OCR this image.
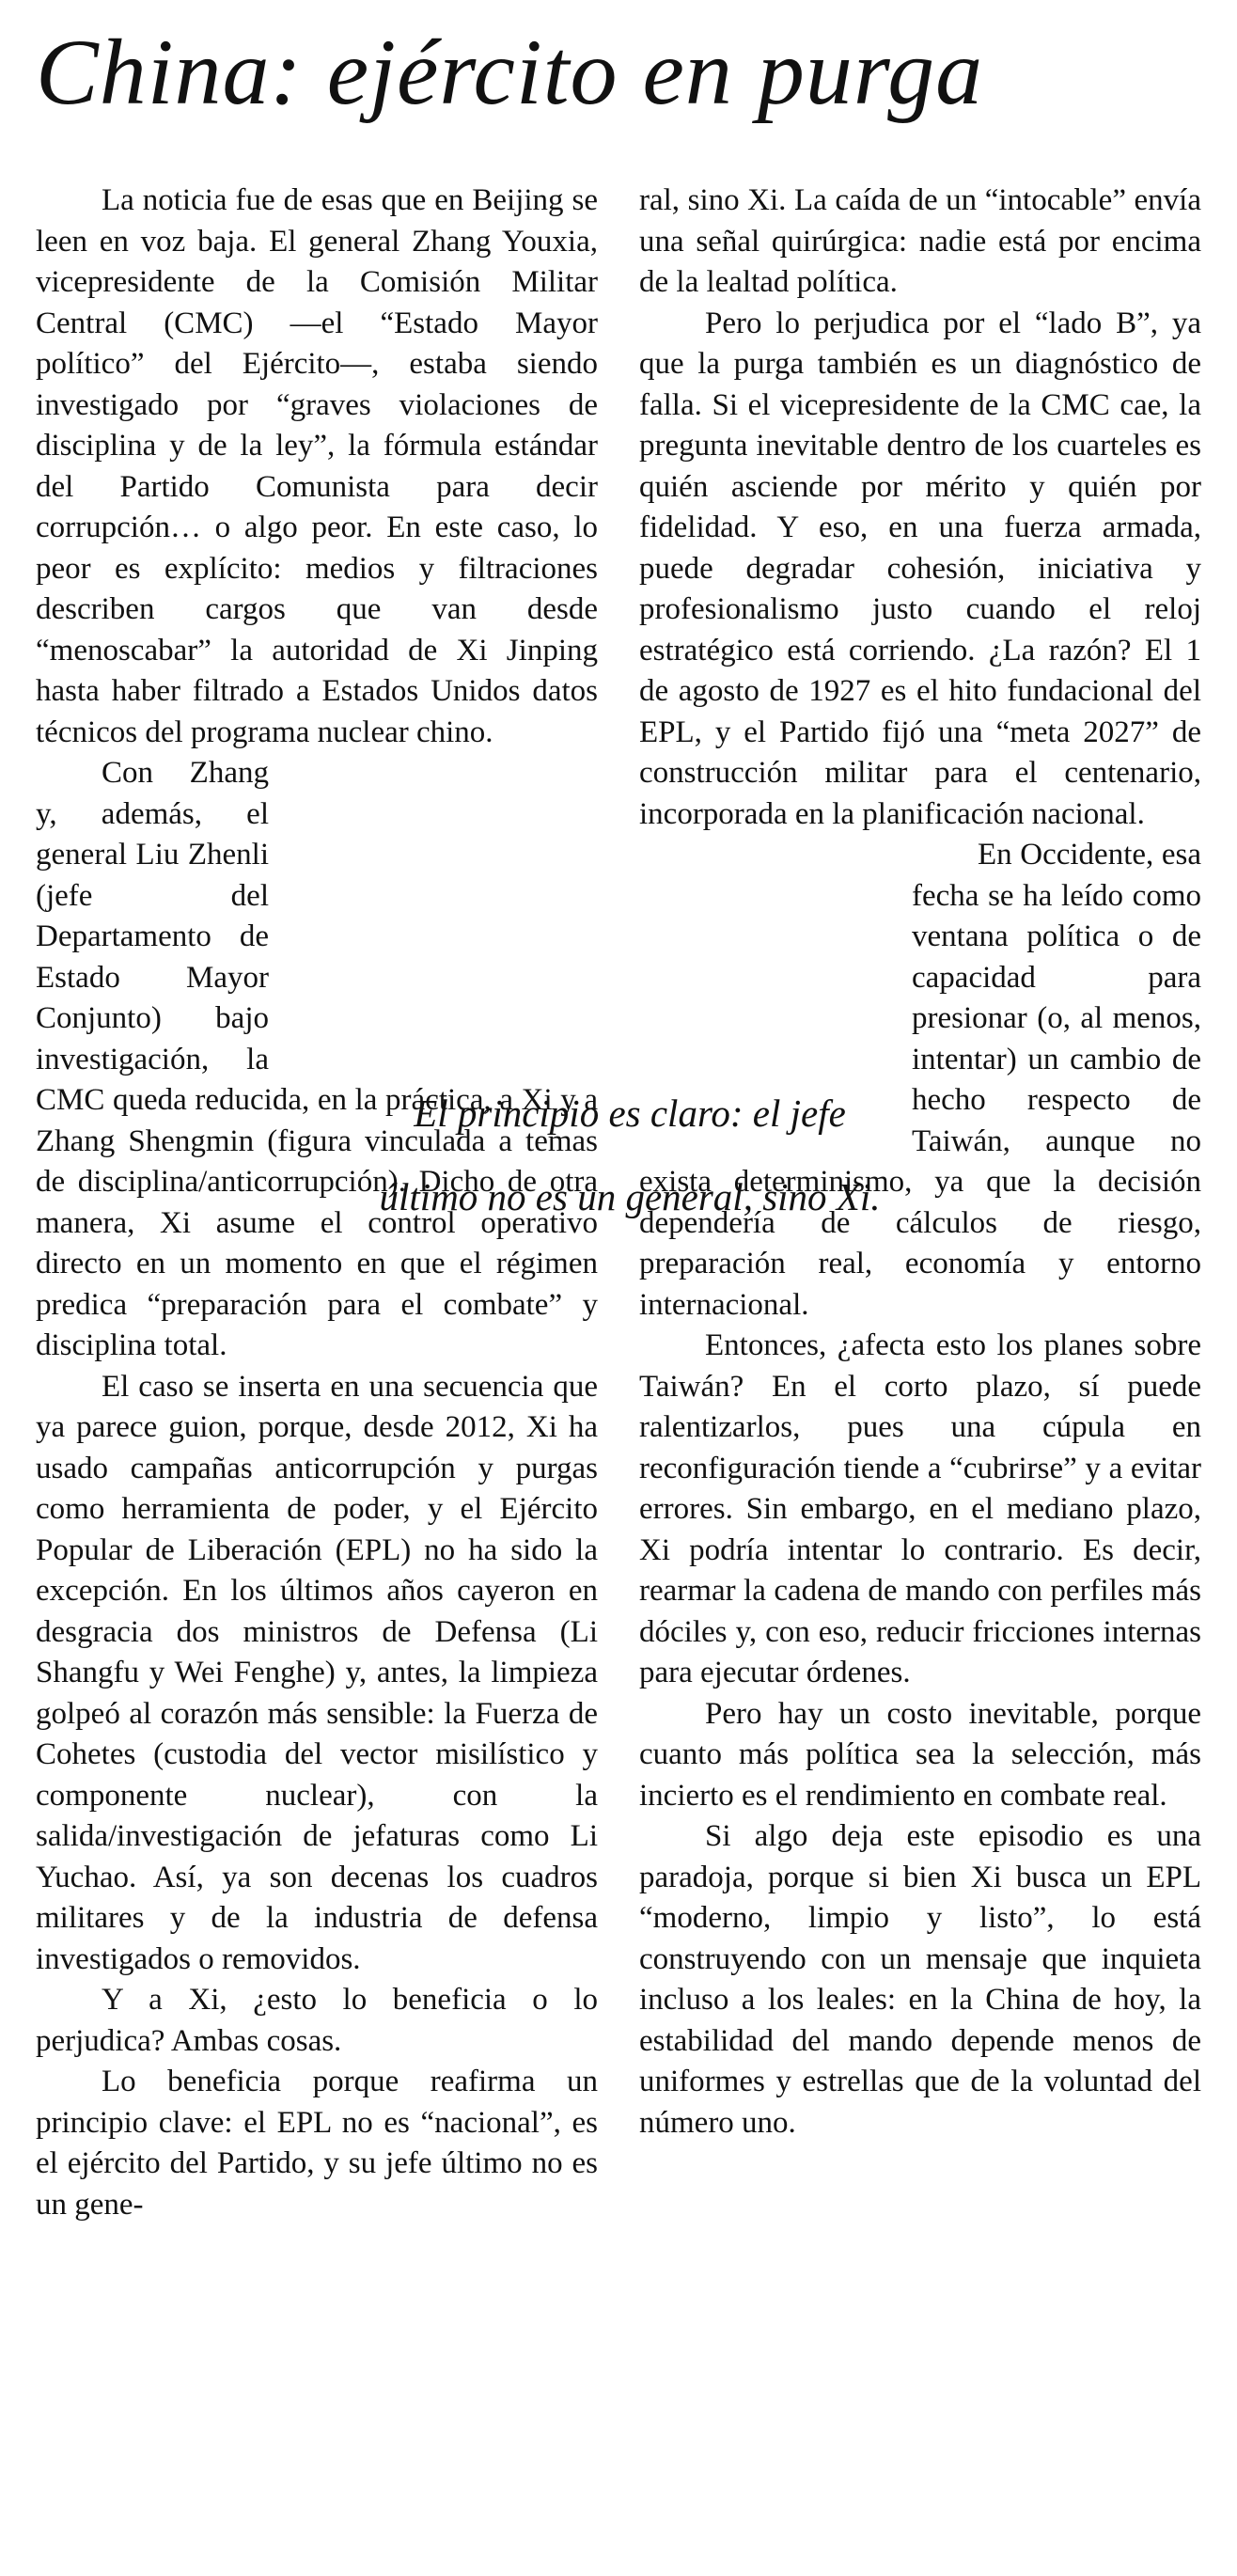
China: ejército en purga

La noticia fue de esas que en Beijing se leen en voz baja. El general Zhang Youxia, vicepresidente de la Comisión Militar Central (CMC) —el “Estado Mayor político” del Ejército—, estaba siendo investigado por “graves violaciones de disciplina y de la ley”, la fórmula estándar del Partido Comunista para decir corrupción… o algo peor. En este caso, lo peor es explícito: medios y filtraciones describen cargos que van desde “menoscabar” la autoridad de Xi Jinping hasta haber filtrado a Estados Unidos datos técnicos del programa nuclear chino.

Con Zhang y, además, el general Liu Zhenli (jefe del Departamento de Estado Mayor Conjunto) bajo investigación, la CMC queda reducida, en la práctica, a Xi y a Zhang Shengmin (figura vinculada a temas de disciplina/anticorrupción). Dicho de otra manera, Xi asume el control operativo directo en un momento en que el régimen predica “preparación para el combate” y disciplina total.

El caso se inserta en una secuencia que ya parece guion, porque, desde 2012, Xi ha usado campañas anticorrupción y purgas como herramienta de poder, y el Ejército Popular de Liberación (EPL) no ha sido la excepción. En los últimos años cayeron en desgracia dos ministros de Defensa (Li Shangfu y Wei Fenghe) y, antes, la limpieza golpeó al corazón más sensible: la Fuerza de Cohetes (custodia del vector misilístico y componente nuclear), con la salida/investigación de jefaturas como Li Yuchao. Así, ya son decenas los cuadros militares y de la industria de defensa investigados o removidos.

Y a Xi, ¿esto lo beneficia o lo perjudica? Ambas cosas.

Lo beneficia porque reafirma un principio clave: el EPL no es “nacional”, es el ejército del Partido, y su jefe último no es un gene-

ral, sino Xi. La caída de un “intocable” envía una señal quirúrgica: nadie está por encima de la lealtad política.

Pero lo perjudica por el “lado B”, ya que la purga también es un diagnóstico de falla. Si el vicepresidente de la CMC cae, la pregunta inevitable dentro de los cuarteles es quién asciende por mérito y quién por fidelidad. Y eso, en una fuerza armada, puede degradar cohesión, iniciativa y profesionalismo justo cuando el reloj estratégico está corriendo. ¿La razón? El 1 de agosto de 1927 es el hito fundacional del EPL, y el Partido fijó una “meta 2027” de construcción militar para el centenario, incorporada en la planificación nacional.

En Occidente, esa fecha se ha leído como ventana política o de capacidad para presionar (o, al menos, intentar) un cambio de hecho respecto de Taiwán, aunque no exista determinismo, ya que la decisión dependería de cálculos de riesgo, preparación real, economía y entorno internacional.

Entonces, ¿afecta esto los planes sobre Taiwán? En el corto plazo, sí puede ralentizarlos, pues una cúpula en reconfiguración tiende a “cubrirse” y a evitar errores. Sin embargo, en el mediano plazo, Xi podría intentar lo contrario. Es decir, rearmar la cadena de mando con perfiles más dóciles y, con eso, reducir fricciones internas para ejecutar órdenes.

Pero hay un costo inevitable, porque cuanto más política sea la selección, más incierto es el rendimiento en combate real.

Si algo deja este episodio es una paradoja, porque si bien Xi busca un EPL “moderno, limpio y listo”, lo está construyendo con un mensaje que inquieta incluso a los leales: en la China de hoy, la estabilidad del mando depende menos de uniformes y estrellas que de la voluntad del número uno.

El principio es claro: el jefe último no es un general, sino Xi.
